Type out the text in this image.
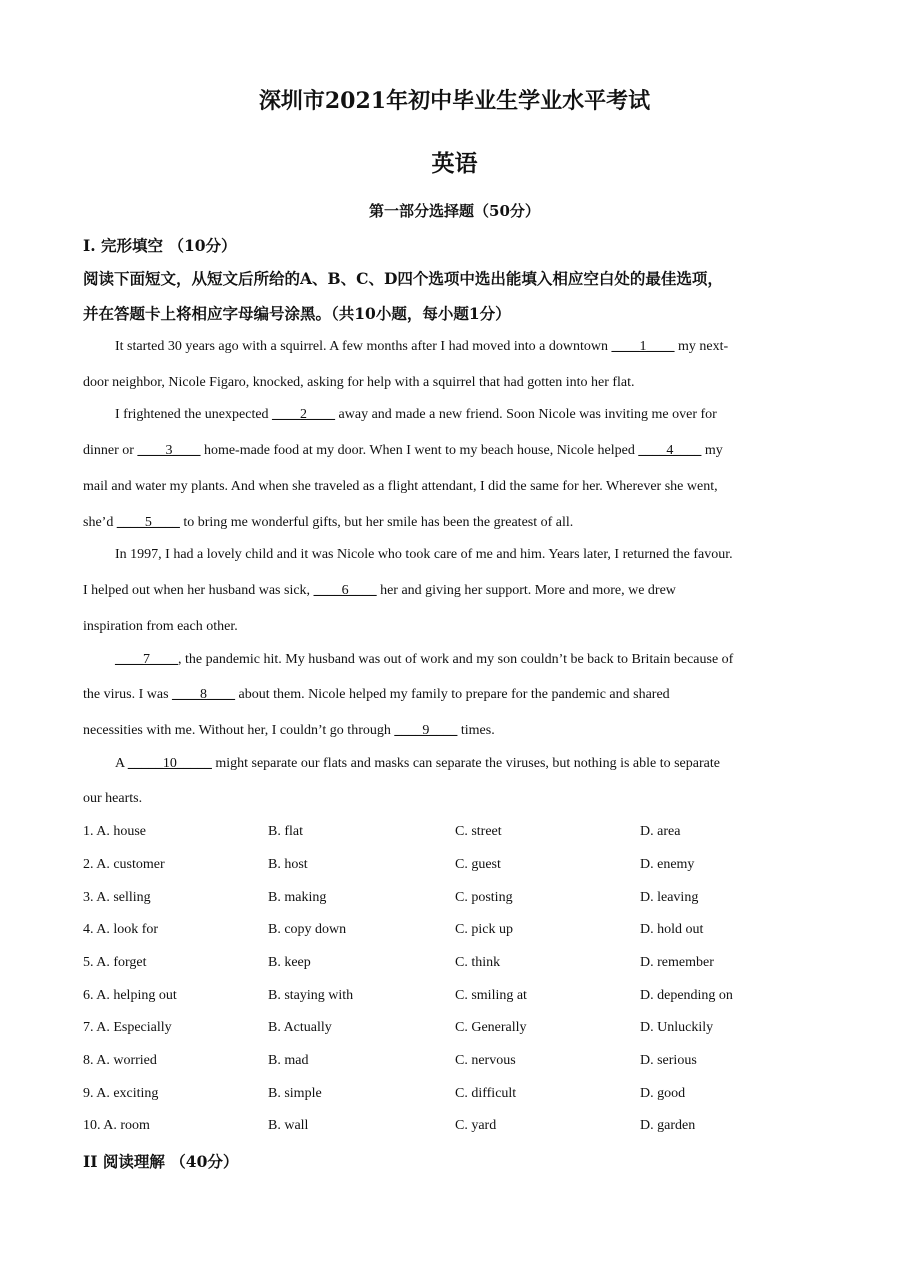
深圳市2021年初中毕业生学业水平考试
英语
第一部分选择题（50分）
I. 完形填空 （10分）
阅读下面短文，从短文后所给的A、B、C、D四个选项中选出能填入相应空白处的最佳选项，
并在答题卡上将相应字母编号涂黑。（共10小题，每小题1分）
It started 30 years ago with a squirrel. A few months after I had moved into a downtown ____1____ my next-
door neighbor, Nicole Figaro, knocked, asking for help with a squirrel that had gotten into her flat.
I frightened the unexpected ____2____ away and made a new friend. Soon Nicole was inviting me over for
dinner or ____3____ home-made food at my door. When I went to my beach house, Nicole helped ____4____ my
mail and water my plants. And when she traveled as a flight attendant, I did the same for her. Wherever she went,
she’d ____5____ to bring me wonderful gifts, but her smile has been the greatest of all.
In 1997, I had a lovely child and it was Nicole who took care of me and him. Years later, I returned the favour.
I helped out when her husband was sick, ____6____ her and giving her support. More and more, we drew
inspiration from each other.
____7____, the pandemic hit. My husband was out of work and my son couldn’t be back to Britain because of
the virus. I was ____8____ about them. Nicole helped my family to prepare for the pandemic and shared
necessities with me. Without her, I couldn’t go through ____9____ times.
A _____10_____ might separate our flats and masks can separate the viruses, but nothing is able to separate
our hearts.
1. A. house	B. flat	C. street	D. area
2. A. customer	B. host	C. guest	D. enemy
3. A. selling	B. making	C. posting	D. leaving
4. A. look for	B. copy down	C. pick up	D. hold out
5. A. forget	B. keep	C. think	D. remember
6. A. helping out	B. staying with	C. smiling at	D. depending on
7. A. Especially	B. Actually	C. Generally	D. Unluckily
8. A. worried	B. mad	C. nervous	D. serious
9. A. exciting	B. simple	C. difficult	D. good
10. A. room	B. wall	C. yard	D. garden
II 阅读理解 （40分）
